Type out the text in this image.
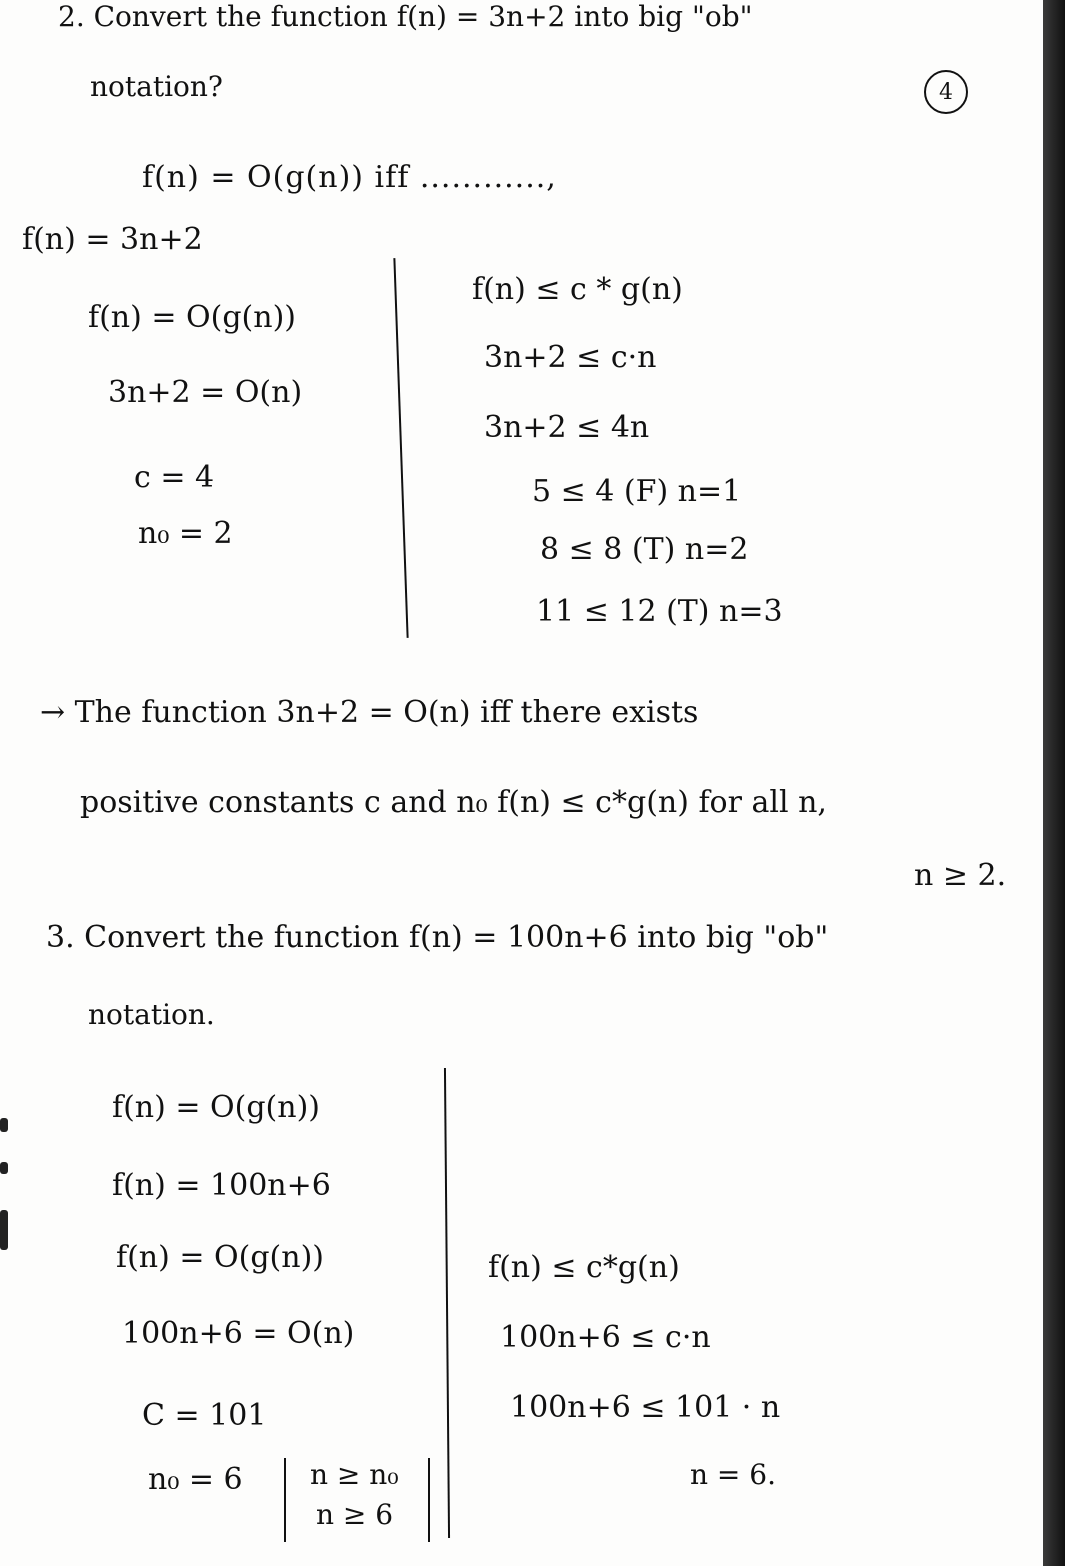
2. Convert the function f(n) = 3n+2 into big "ob"
notation?	4
f(n) = O(g(n)) iff ............,
f(n) = 3n+2
f(n) = O(g(n))
3n+2 = O(n)
c = 4
n₀ = 2
f(n) ≤ c * g(n)
3n+2 ≤ c·n
3n+2 ≤ 4n
5 ≤ 4 (F) n=1
8 ≤ 8 (T) n=2
11 ≤ 12 (T) n=3
→ The function 3n+2 = O(n) iff there exists
positive constants c and n₀ f(n) ≤ c*g(n) for all n,
n ≥ 2.
3. Convert the function f(n) = 100n+6 into big "ob"
notation.
f(n) = O(g(n))
f(n) = 100n+6
f(n) = O(g(n))
100n+6 = O(n)
C = 101
n₀ = 6 n ≥ n₀
n ≥ 6
f(n) ≤ c*g(n)
100n+6 ≤ c·n
100n+6 ≤ 101 · n
n = 6.
